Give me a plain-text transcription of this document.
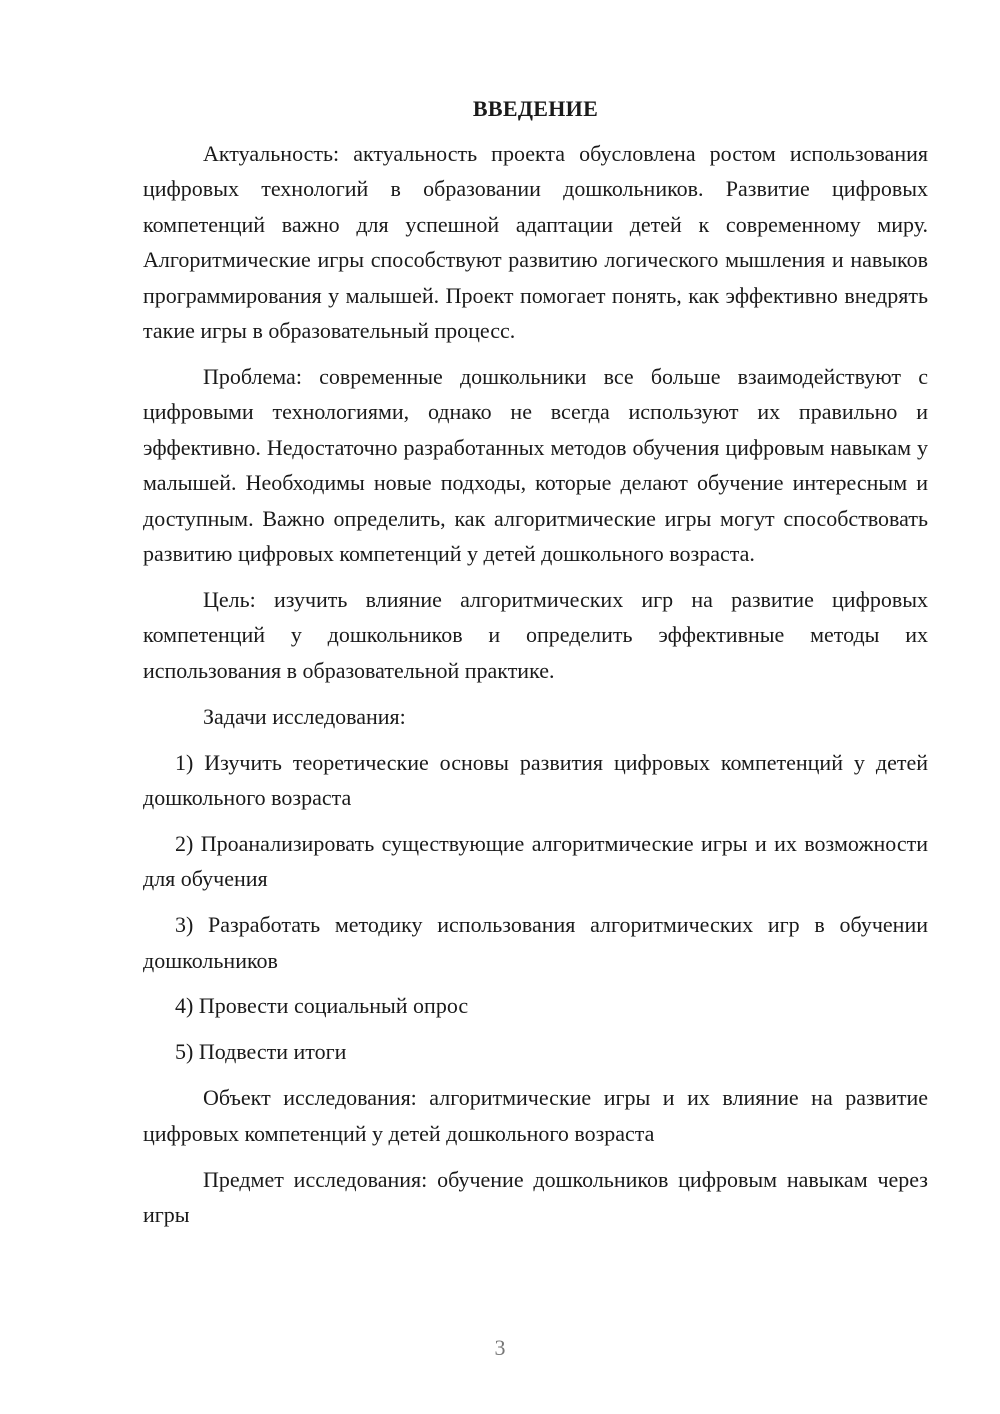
ВВЕДЕНИЕ

Актуальность: актуальность проекта обусловлена ростом использования цифровых технологий в образовании дошкольников. Развитие цифровых компетенций важно для успешной адаптации детей к современному миру. Алгоритмические игры способствуют развитию логического мышления и навыков программирования у малышей. Проект помогает понять, как эффективно внедрять такие игры в образовательный процесс.

Проблема: современные дошкольники все больше взаимодействуют с цифровыми технологиями, однако не всегда используют их правильно и эффективно. Недостаточно разработанных методов обучения цифровым навыкам у малышей. Необходимы новые подходы, которые делают обучение интересным и доступным. Важно определить, как алгоритмические игры могут способствовать развитию цифровых компетенций у детей дошкольного возраста.

Цель: изучить влияние алгоритмических игр на развитие цифровых компетенций у дошкольников и определить эффективные методы их использования в образовательной практике.

Задачи исследования:

1) Изучить теоретические основы развития цифровых компетенций у детей дошкольного возраста

2) Проанализировать существующие алгоритмические игры и их возможности для обучения

3) Разработать методику использования алгоритмических игр в обучении дошкольников

4) Провести социальный опрос

5) Подвести итоги

Объект исследования: алгоритмические игры и их влияние на развитие цифровых компетенций у детей дошкольного возраста

Предмет исследования: обучение дошкольников цифровым навыкам через игры

3
